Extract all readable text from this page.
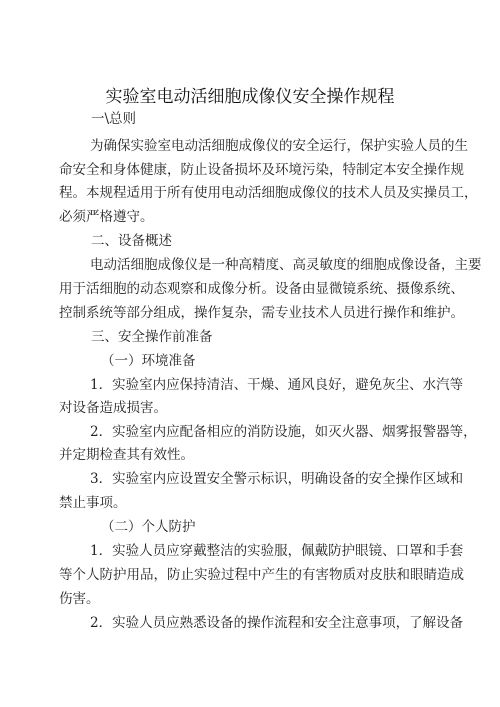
实验室电动活细胞成像仪安全操作规程
一\总则
为确保实验室电动活细胞成像仪的安全运行，保护实验人员的生
命安全和身体健康，防止设备损坏及环境污染，特制定本安全操作规
程。本规程适用于所有使用电动活细胞成像仪的技术人员及实操员工，
必须严格遵守。
二、设备概述
电动活细胞成像仪是一种高精度、高灵敏度的细胞成像设备，主要
用于活细胞的动态观察和成像分析。设备由显微镜系统、摄像系统、
控制系统等部分组成，操作复杂，需专业技术人员进行操作和维护。
三、安全操作前准备
（一）环境准备
1．实验室内应保持清洁、干燥、通风良好，避免灰尘、水汽等
对设备造成损害。
2．实验室内应配备相应的消防设施，如灭火器、烟雾报警器等，
并定期检查其有效性。
3．实验室内应设置安全警示标识，明确设备的安全操作区域和
禁止事项。
（二）个人防护
1．实验人员应穿戴整洁的实验服，佩戴防护眼镜、口罩和手套
等个人防护用品，防止实验过程中产生的有害物质对皮肤和眼睛造成
伤害。
2．实验人员应熟悉设备的操作流程和安全注意事项，了解设备
